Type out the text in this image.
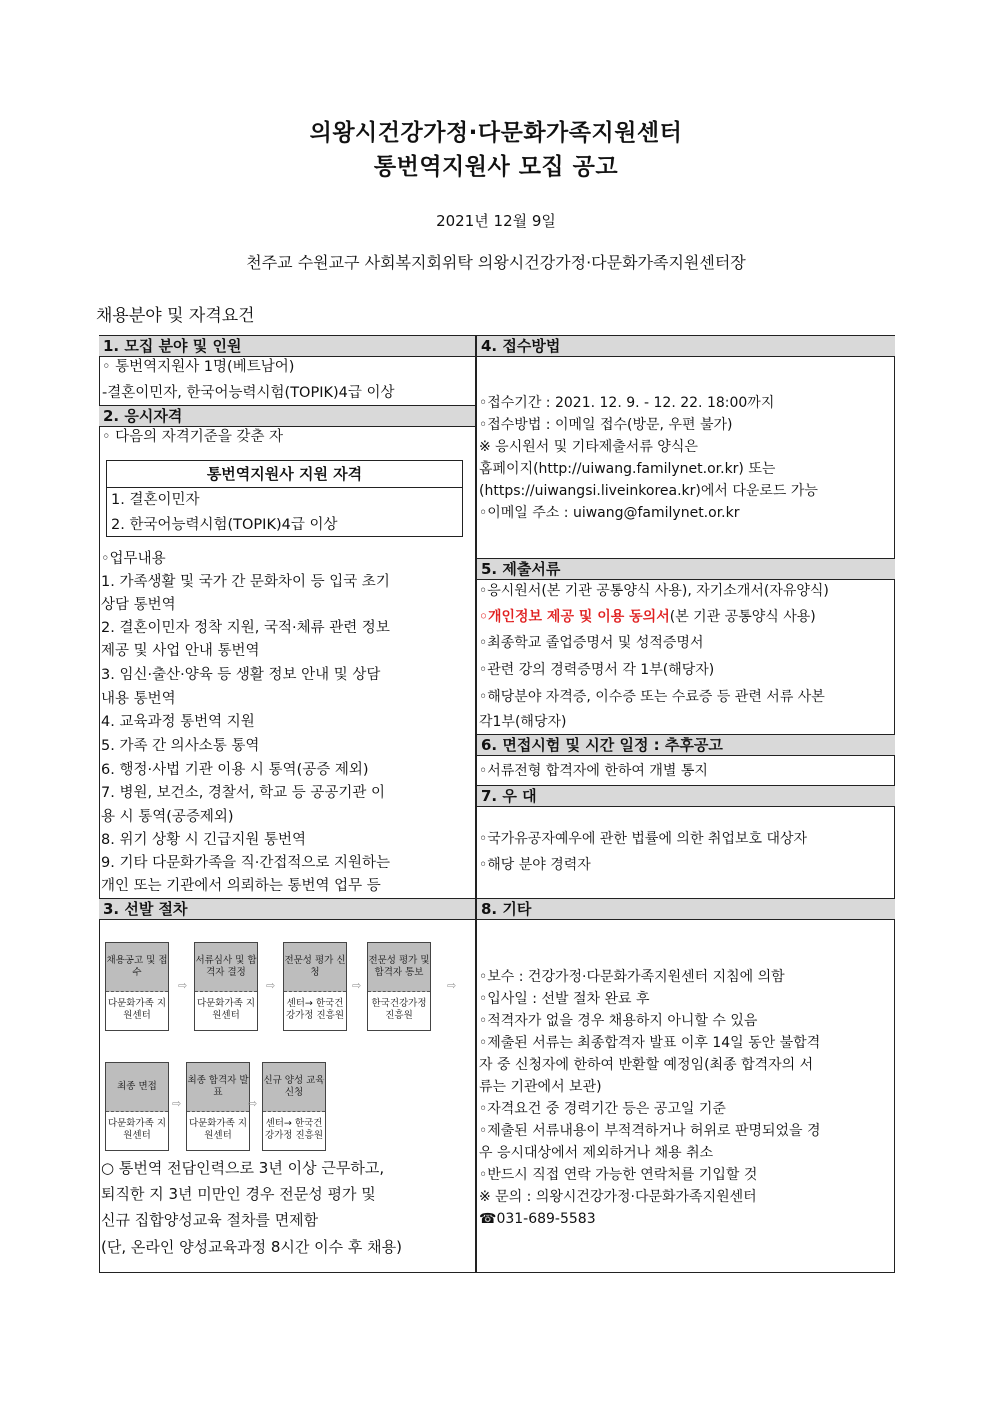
의왕시건강가정·다문화가족지원센터
통번역지원사 모집 공고
2021년 12월 9일
천주교 수원교구 사회복지회위탁 의왕시건강가정·다문화가족지원센터장
채용분야 및 자격요건
1. 모집 분야 및 인원
◦ 통번역지원사 1명(베트남어)
-결혼이민자, 한국어능력시험(TOPIK)4급 이상
2. 응시자격
◦ 다음의 자격기준을 갖춘 자
통번역지원사 지원 자격
1. 결혼이민자
2. 한국어능력시험(TOPIK)4급 이상
◦업무내용
1. 가족생활 및 국가 간 문화차이 등 입국 초기
상담 통번역
2. 결혼이민자 정착 지원, 국적·체류 관련 정보
제공 및 사업 안내 통번역
3. 임신·출산·양육 등 생활 정보 안내 및 상담
내용 통번역
4. 교육과정 통번역 지원
5. 가족 간 의사소통 통역
6. 행정·사법 기관 이용 시 통역(공증 제외)
7. 병원, 보건소, 경찰서, 학교 등 공공기관 이
용 시 통역(공증제외)
8. 위기 상황 시 긴급지원 통번역
9. 기타 다문화가족을 직·간접적으로 지원하는
개인 또는 기관에서 의뢰하는 통번역 업무 등
3. 선발 절차
채용공고 및 접수
다문화가족 지원센터
⇨
서류심사 및 합격자 결정
다문화가족 지원센터
⇨
전문성 평가 신청
센터→ 한국건강가정 진흥원
⇨
전문성 평가 및 합격자 통보
한국건강가정 진흥원
⇨
최종 면접
다문화가족 지원센터
⇨
최종 합격자 발표
다문화가족 지원센터
⇨
신규 양성 교육 신청
센터→ 한국건강가정 진흥원
○ 통번역 전담인력으로 3년 이상 근무하고,
퇴직한 지 3년 미만인 경우 전문성 평가 및
신규 집합양성교육 절차를 면제함
(단, 온라인 양성교육과정 8시간 이수 후 채용)
4. 접수방법
◦접수기간 : 2021. 12. 9. - 12. 22. 18:00까지
◦접수방법 : 이메일 접수(방문, 우편 불가)
※ 응시원서 및 기타제출서류 양식은
홈페이지(http://uiwang.familynet.or.kr) 또는
(https://uiwangsi.liveinkorea.kr)에서 다운로드 가능
◦이메일 주소 : uiwang@familynet.or.kr
5. 제출서류
◦응시원서(본 기관 공통양식 사용), 자기소개서(자유양식)
◦개인정보 제공 및 이용 동의서(본 기관 공통양식 사용)
◦최종학교 졸업증명서 및 성적증명서
◦관련 강의 경력증명서 각 1부(해당자)
◦해당분야 자격증, 이수증 또는 수료증 등 관련 서류 사본
각1부(해당자)
6. 면접시험 및 시간 일정 : 추후공고
◦서류전형 합격자에 한하여 개별 통지
7. 우 대
◦국가유공자예우에 관한 법률에 의한 취업보호 대상자
◦해당 분야 경력자
8. 기타
◦보수 : 건강가정·다문화가족지원센터 지침에 의함
◦입사일 : 선발 절차 완료 후
◦적격자가 없을 경우 채용하지 아니할 수 있음
◦제출된 서류는 최종합격자 발표 이후 14일 동안 불합격
자 중 신청자에 한하여 반환할 예정임(최종 합격자의 서
류는 기관에서 보관)
◦자격요건 중 경력기간 등은 공고일 기준
◦제출된 서류내용이 부적격하거나 허위로 판명되었을 경
우 응시대상에서 제외하거나 채용 취소
◦반드시 직접 연락 가능한 연락처를 기입할 것
※ 문의 : 의왕시건강가정·다문화가족지원센터
☎031-689-5583
